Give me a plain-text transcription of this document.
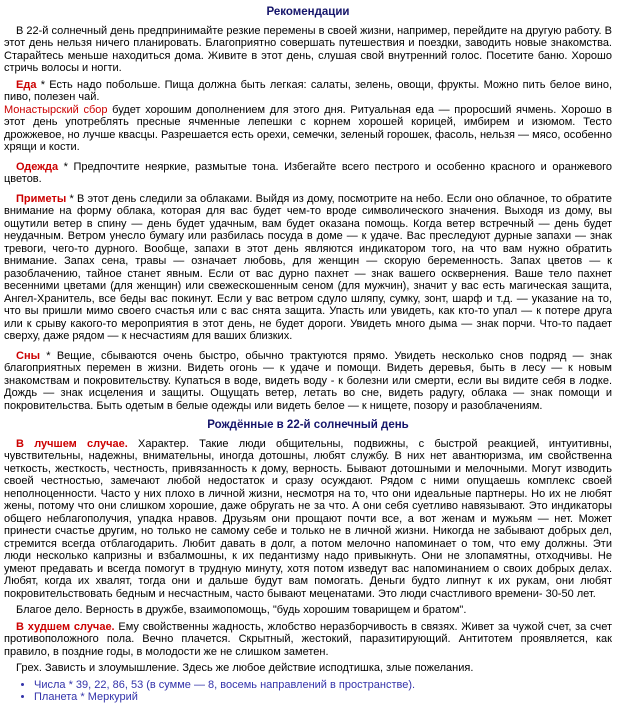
Рекомендации

В 22-й солнечный день предпринимайте резкие перемены в своей жизни, например, перейдите на другую работу. В этот день нельзя ничего планировать. Благоприятно совершать путешествия и поездки, заводить новые знакомства. Старайтесь меньше находиться дома. Живите в этот день, слушая свой внутренний голос. Посетите баню. Хорошо стричь волосы и ногти.

Еда * Есть надо побольше. Пища должна быть легкая: салаты, зелень, овощи, фрукты. Можно пить белое вино, пиво, полезен чай.
Монастырский сбор будет хорошим дополнением для этого дня. Ритуальная еда — проросший ячмень. Хорошо в этот день употреблять пресные ячменные лепешки с корнем хорошей корицей, имбирем и изюмом. Тесто дрожжевое, но лучше квасцы. Разрешается есть орехи, семечки, зеленый горошек, фасоль, нельзя — мясо, особенно хрящи и кости.

Одежда * Предпочтите неяркие, размытые тона. Избегайте всего пестрого и особенно красного и оранжевого цветов.

Приметы * В этот день следили за облаками. Выйдя из дому, посмотрите на небо. Если оно облачное, то обратите внимание на форму облака, которая для вас будет чем-то вроде символического значения. Выходя из дому, вы ощутили ветер в спину — день будет удачным, вам будет оказана помощь. Когда ветер встречный — день будет неудачным. Ветром унесло бумагу или разбилась посуда в доме — к удаче. Вас преследуют дурные запахи — знак тревоги, чего-то дурного. Вообще, запахи в этот день являются индикатором того, на что вам нужно обратить внимание. Запах сена, травы — означает любовь, для женщин — скорую беременность. Запах цветов — к разоблачению, тайное станет явным. Если от вас дурно пахнет — знак вашего осквернения. Ваше тело пахнет весенними цветами (для женщин) или свежескошенным сеном (для мужчин), значит у вас есть магическая защита, Ангел-Хранитель, все беды вас покинут. Если у вас ветром сдуло шляпу, сумку, зонт, шарф и т.д. — указание на то, что вы пришли мимо своего счастья или с вас снята защита. Упасть или увидеть, как кто-то упал — к потере друга или к срыву какого-то мероприятия в этот день, не будет дороги. Увидеть много дыма — знак порчи. Что-то падает сверху, даже рядом — к несчастиям для ваших близких.

Сны * Вещие, сбываются очень быстро, обычно трактуются прямо. Увидеть несколько снов подряд — знак благоприятных перемен в жизни. Видеть огонь — к удаче и помощи. Видеть деревья, быть в лесу — к новым знакомствам и покровительству. Купаться в воде, видеть воду - к болезни или смерти, если вы видите себя в лодке. Дождь — знак исцеления и защиты. Ощущать ветер, летать во сне, видеть радугу, облака — знак помощи и покровительства. Быть одетым в белые одежды или видеть белое — к нищете, позору и разоблачениям.

Рождённые в 22-й солнечный день

В лучшем случае. Характер. Такие люди общительны, подвижны, с быстрой реакцией, интуитивны, чувствительны, надежны, внимательны, иногда дотошны, любят службу. В них нет авантюризма, им свойственна четкость, жесткость, честность, привязанность к дому, верность. Бывают дотошными и мелочными. Могут изводить своей честностью, замечают любой недостаток и сразу осуждают. Рядом с ними опущаешь комплекс своей неполноценности. Часто у них плохо в личной жизни, несмотря на то, что они идеальные партнеры. Но их не любят жены, потому что они слишком хорошие, даже обругать не за что. А они себя суетливо навязывают. Это индикаторы общего неблагополучия, упадка нравов. Друзьям они прощают почти все, а вот женам и мужьям — нет. Может принести счастье другим, но только не самому себе и только не в личной жизни. Никогда не забывают добрых дел, стремится всегда отблагодарить. Любит давать в долг, а потом мелочно напоминает о том, что ему должны. Эти люди несколько капризны и взбалмошны, к их педантизму надо привыкнуть. Они не злопамятны, отходчивы. Не умеют предавать и всегда помогут в трудную минуту, хотя потом изведут вас напоминанием о своих добрых делах. Любят, когда их хвалят, тогда они и дальше будут вам помогать. Деньги будто липнут к их рукам, они любят покровительствовать бедным и несчастным, часто бывают меценатами. Это люди счастливого времени- 30-50 лет.

Благое дело. Верность в дружбе, взаимопомощь, "будь хорошим товарищем и братом".

В худшем случае. Ему свойственны жадность, жлобство неразборчивость в связях. Живет за чужой счет, за счет противоположного пола. Вечно плачется. Скрытный, жестокий, паразитирующий. Антитотем проявляется, как правило, в поздние годы, в молодости же не слишком заметен.

Грех. Зависть и злоумышление. Здесь же любое действие исподтишка, злые пожелания.

• Числа * 39, 22, 86, 53 (в сумме — 8, восемь направлений в пространстве).
• Планета * Меркурий
